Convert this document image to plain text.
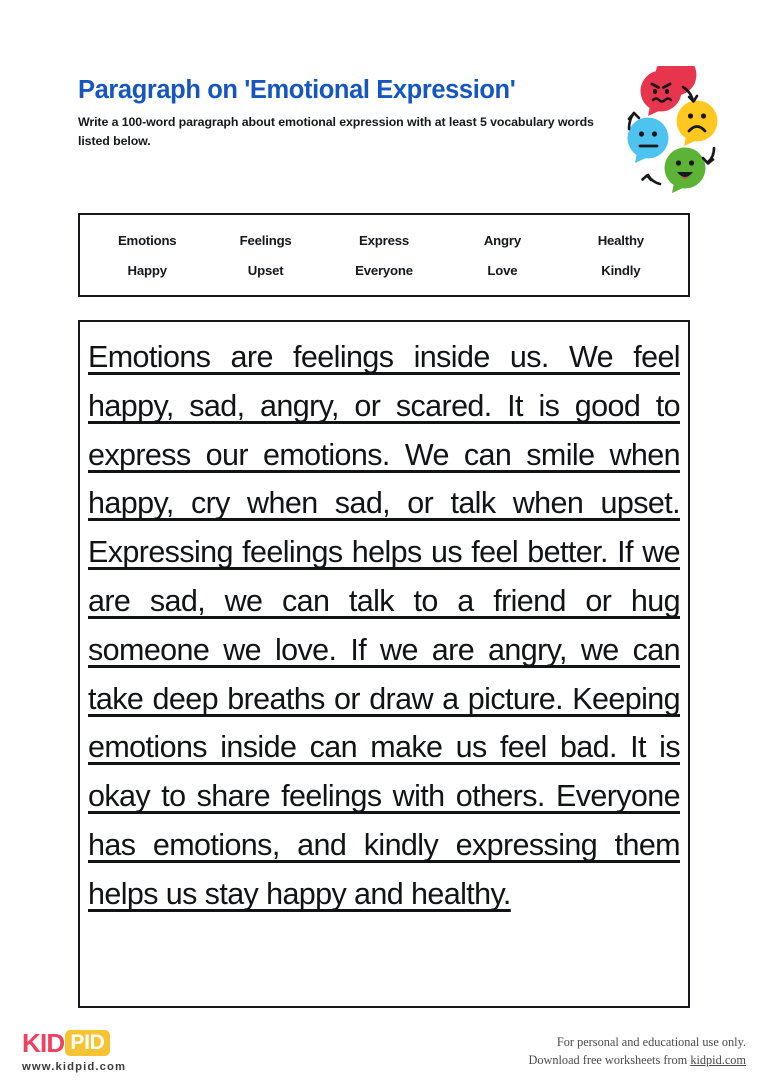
Paragraph on 'Emotional Expression'

Write a 100-word paragraph about emotional expression with at least 5 vocabulary words listed below.

Emotions	Feelings	Express	Angry	Healthy
Happy	Upset	Everyone	Love	Kindly

Emotions are feelings inside us. We feel happy, sad, angry, or scared. It is good to express our emotions. We can smile when happy, cry when sad, or talk when upset. Expressing feelings helps us feel better. If we are sad, we can talk to a friend or hug someone we love. If we are angry, we can take deep breaths or draw a picture. Keeping emotions inside can make us feel bad. It is okay to share feelings with others. Everyone has emotions, and kindly expressing them helps us stay happy and healthy.

KID PID
www.kidpid.com
For personal and educational use only.
Download free worksheets from kidpid.com
